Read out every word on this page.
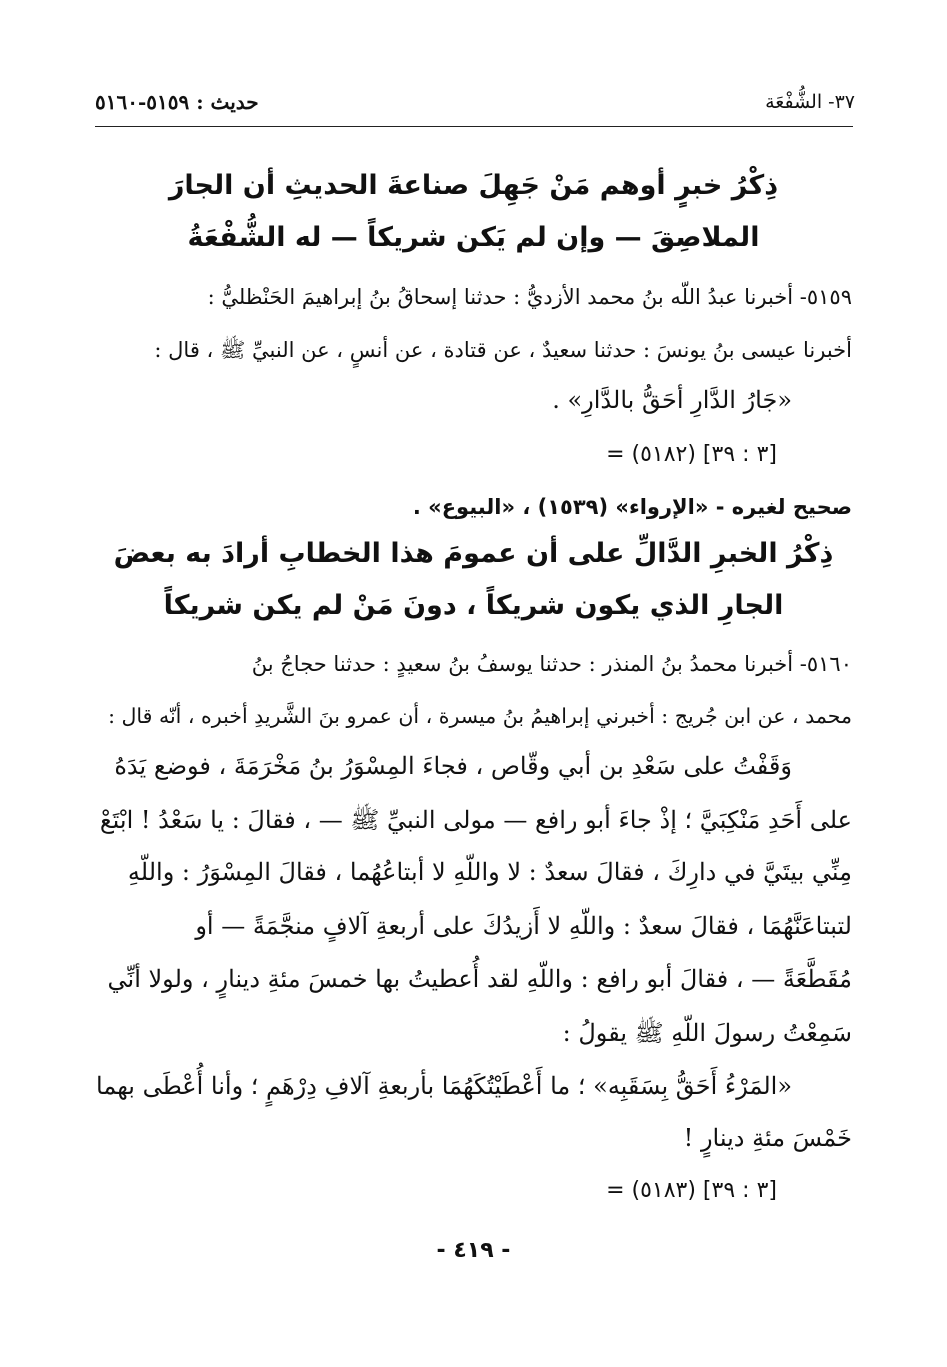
٣٧- الشُّفْعَة
حديث : ٥١٥٩-٥١٦٠
ذِكْرُ خبرٍ أوهم مَنْ جَهِلَ صناعةَ الحديثِ أن الجارَ
الملاصِقَ — وإن لم يَكن شريكاً — له الشُّفْعَةُ
٥١٥٩- أخبرنا عبدُ اللّه بنُ محمد الأزديُّ : حدثنا إسحاقُ بنُ إبراهيمَ الحَنْظليُّ :
أخبرنا عيسى بنُ يونسَ : حدثنا سعيدٌ ، عن قتادة ، عن أنسٍ ، عن النبيِّ ﷺ ، قال :
«جَارُ الدَّارِ أحَقُّ بالدَّارِ» .
= (٥١٨٢) [٣ : ٣٩]
صحيح لغيره - «الإرواء» (١٥٣٩) ، «البيوع» .
ذِكْرُ الخبرِ الدَّالِّ على أن عمومَ هذا الخطابِ أرادَ به بعضَ
الجارِ الذي يكون شريكاً ، دونَ مَنْ لم يكن شريكاً
٥١٦٠- أخبرنا محمدُ بنُ المنذر : حدثنا يوسفُ بنُ سعيدٍ : حدثنا حجاجُ بنُ
محمد ، عن ابن جُريج : أخبرني إبراهيمُ بنُ ميسرة ، أن عمرو بنَ الشَّريدِ أخبره ، أنّه قال :
وَقَفْتُ على سَعْدِ بن أبي وقّاص ، فجاءَ المِسْوَرُ بنُ مَخْرَمَةَ ، فوضع يَدَهُ
على أَحَدِ مَنْكِبَيَّ ؛ إذْ جاءَ أبو رافع — مولى النبيِّ ﷺ — ، فقالَ : يا سَعْدُ ! ابْتَعْ
مِنِّي بيتَيَّ في دارِكَ ، فقالَ سعدٌ : لا واللّهِ لا أبتاعُهُما ، فقالَ المِسْوَرُ : واللّهِ
لتبتاعَنَّهُمَا ، فقالَ سعدٌ : واللّهِ لا أَزيدُكَ على أربعةِ آلافٍ منجَّمَةً — أو
مُقَطَّعَةً — ، فقالَ أبو رافع : واللّهِ لقد أُعطيتُ بها خمسَ مئةِ دينارٍ ، ولولا أنِّي
سَمِعْتُ رسولَ اللّهِ ﷺ يقولُ :
«المَرْءُ أَحَقُّ بِسَقَبِه» ؛ ما أَعْطَيْتُكَهُمَا بأربعةِ آلافِ دِرْهَمٍ ؛ وأنا أُعْطَى بهما
خَمْسَ مئةِ دينارٍ !
= (٥١٨٣) [٣ : ٣٩]
- ٤١٩ -
